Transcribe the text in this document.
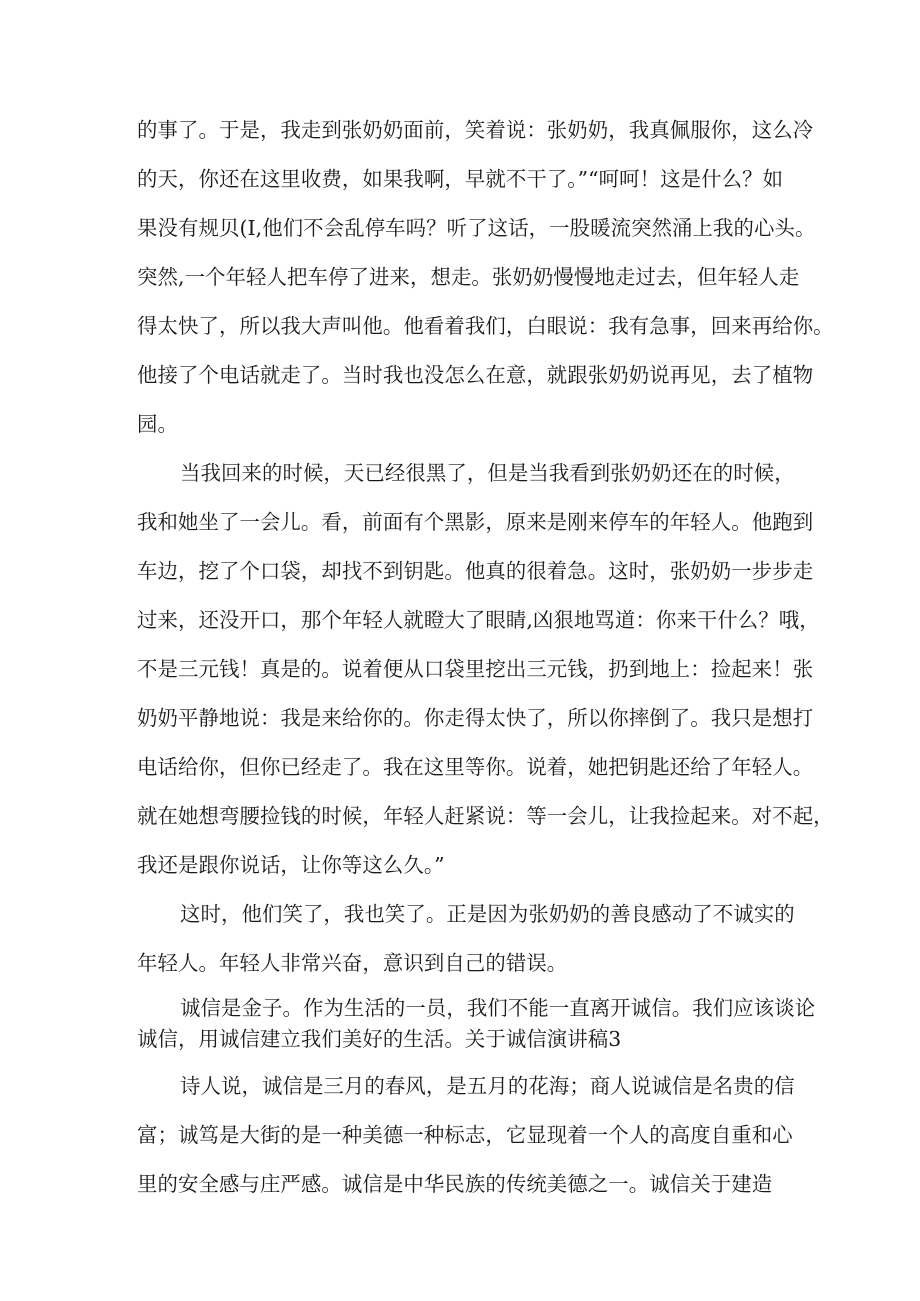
的事了。于是，我走到张奶奶面前，笑着说：张奶奶，我真佩服你，这么冷
的天，你还在这里收费，如果我啊，早就不干了。”“呵呵！这是什么？如
果没有规贝(I,他们不会乱停车吗？听了这话，一股暖流突然涌上我的心头。
突然,一个年轻人把车停了进来，想走。张奶奶慢慢地走过去，但年轻人走
得太快了，所以我大声叫他。他看着我们，白眼说：我有急事，回来再给你。
他接了个电话就走了。当时我也没怎么在意，就跟张奶奶说再见，去了植物
园。
当我回来的时候，天已经很黑了，但是当我看到张奶奶还在的时候，
我和她坐了一会儿。看，前面有个黑影，原来是刚来停车的年轻人。他跑到
车边，挖了个口袋，却找不到钥匙。他真的很着急。这时，张奶奶一步步走
过来，还没开口，那个年轻人就瞪大了眼睛,凶狠地骂道：你来干什么？哦，
不是三元钱！真是的。说着便从口袋里挖出三元钱，扔到地上：捡起来！张
奶奶平静地说：我是来给你的。你走得太快了，所以你摔倒了。我只是想打
电话给你，但你已经走了。我在这里等你。说着，她把钥匙还给了年轻人。
就在她想弯腰捡钱的时候，年轻人赶紧说：等一会儿，让我捡起来。对不起，
我还是跟你说话，让你等这么久。”
这时，他们笑了，我也笑了。正是因为张奶奶的善良感动了不诚实的
年轻人。年轻人非常兴奋，意识到自己的错误。
诚信是金子。作为生活的一员，我们不能一直离开诚信。我们应该谈论
诚信，用诚信建立我们美好的生活。关于诚信演讲稿3
诗人说，诚信是三月的春风，是五月的花海；商人说诚信是名贵的信
富；诚笃是大街的是一种美德一种标志，它显现着一个人的高度自重和心
里的安全感与庄严感。诚信是中华民族的传统美德之一。诚信关于建造
